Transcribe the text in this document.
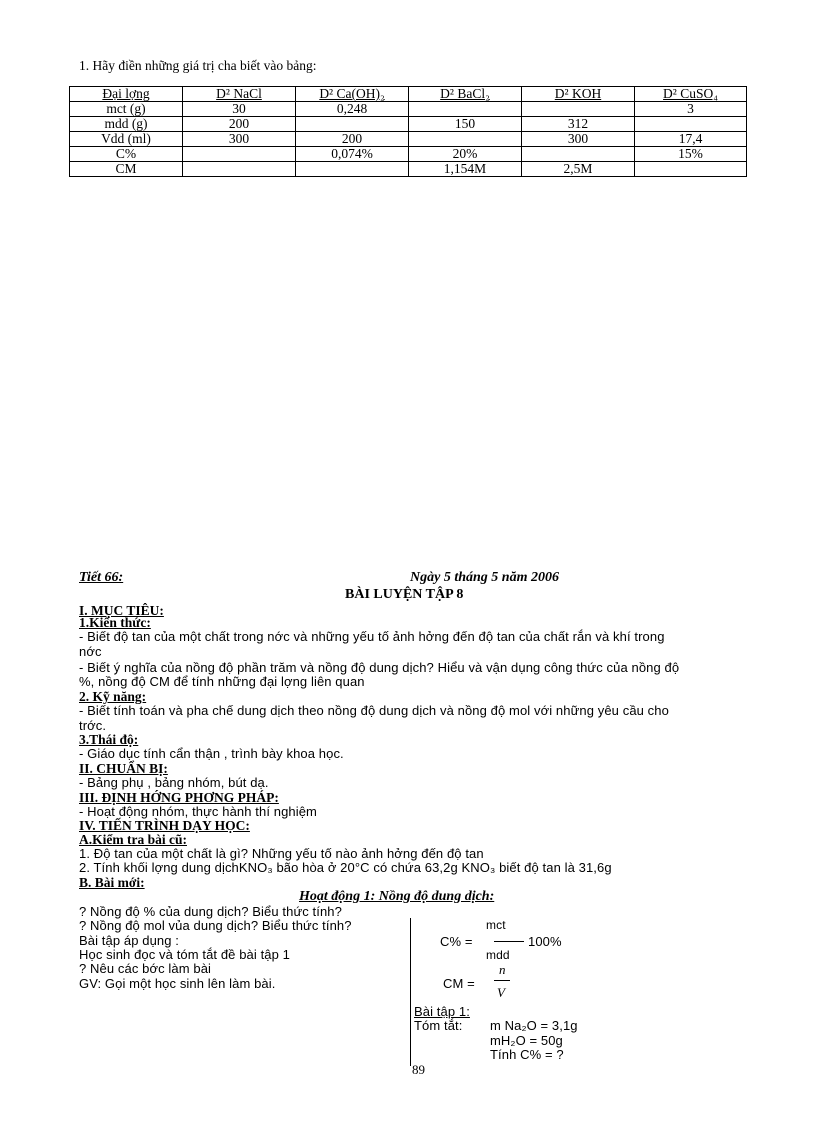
1. Hãy điền những giá trị cha biết vào bảng:
Đại lợng	D² NaCl	D² Ca(OH)₂	D² BaCl₂	D² KOH	D² CuSO₄
mct (g)	30	0,248			3
mdd (g)	200		150	312	
Vdd (ml)	300	200		300	17,4
C%		0,074%	20%		15%
CM			1,154M	2,5M	
Tiết 66:	Ngày 5 tháng 5 năm 2006
BÀI LUYỆN TẬP 8
I. MỤC TIÊU:
1.Kiến thức:
- Biết độ tan của một chất trong nớc và những yếu tố ảnh hởng đến độ tan của chất rắn và khí trong
nớc
- Biết ý nghĩa của nồng độ phần trăm và nồng độ dung dịch? Hiểu và vận dụng công thức của nồng độ
%, nồng độ CM để tính những đại lợng liên quan
2. Kỹ năng:
- Biết tính toán và pha chế dung dịch theo nồng độ dung dịch và nồng độ mol với những yêu cầu cho
trớc.
3.Thái độ:
- Giáo dục tính cẩn thận , trình bày khoa học.
II. CHUẨN BỊ:
- Bảng phụ , bảng nhóm, bút dạ.
III. ĐỊNH HỚNG PHƠNG PHÁP:
- Hoạt động nhóm, thực hành thí nghiệm
IV. TIẾN TRÌNH DẠY HỌC:
A.Kiểm tra bài cũ:
1. Độ tan của một chất là gì? Những yếu tố nào ảnh hởng đến độ tan
2. Tính khối lợng dung dịchKNO₃ bão hòa ở 20°C có chứa 63,2g KNO₃ biết độ tan là 31,6g
B. Bài mới:
Hoạt động 1: Nồng độ dung dịch:
? Nồng độ % của dung dịch? Biểu thức tính?
? Nồng độ mol vủa dung dịch? Biểu thức tính?
Bài tập áp dụng :
Học sinh đọc và tóm tắt đề bài tập 1
? Nêu các bớc làm bài
GV: Gọi một học sinh lên làm bài.
C% =
mct
mdd
100%
CM =
n
V
Bài tập 1:
Tóm tắt: m Na₂O = 3,1g
mH₂O = 50g
Tính C% = ?
89
